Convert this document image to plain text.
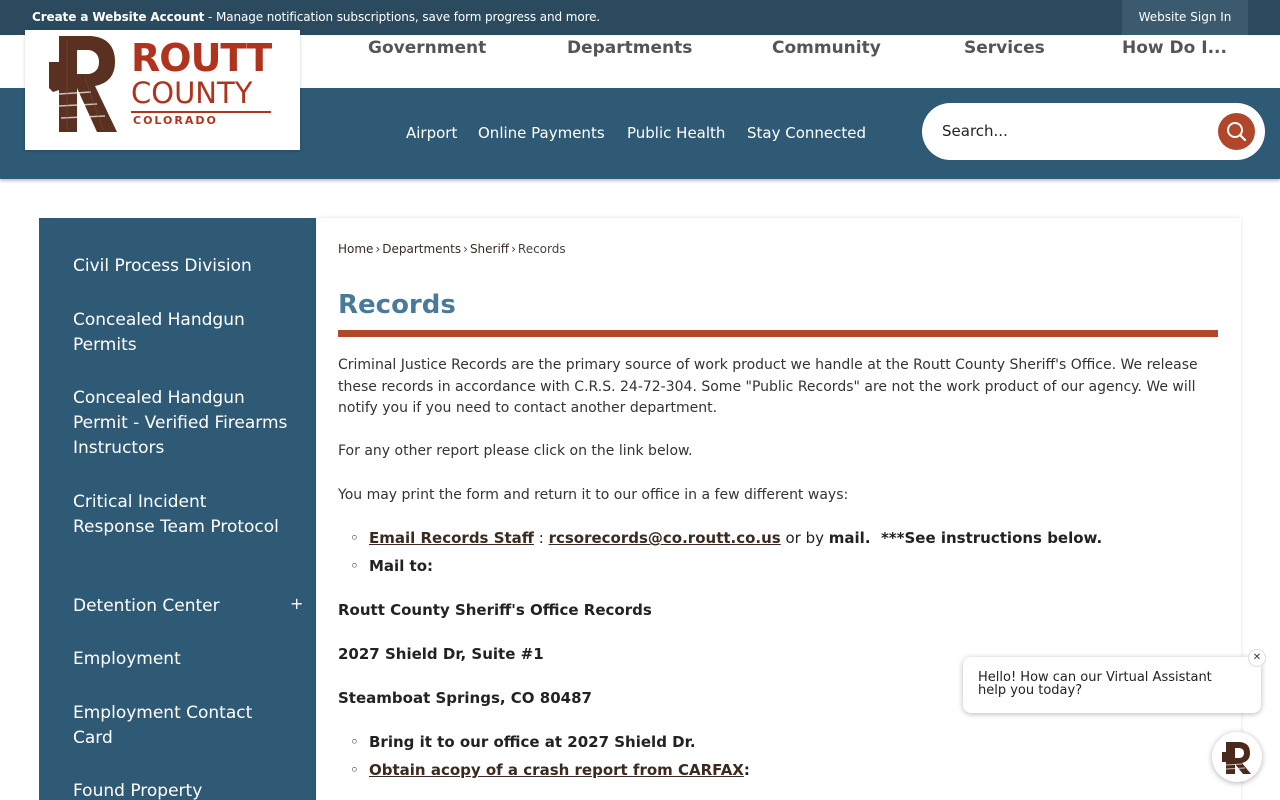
Create a Website Account - Manage notification subscriptions, save form progress and more.	Website Sign In
Government	Departments	Community	Services	How Do I...
Airport Online Payments Public Health Stay Connected
ROUTT
COUNTY
COLORADO
Search...
Civil Process Division
Concealed Handgun Permits
Concealed Handgun Permit - Verified Firearms Instructors
Critical Incident Response Team Protocol
Detention Center	+
Employment
Employment Contact Card
Found Property
Home › Departments › Sheriff › Records
Records

Criminal Justice Records are the primary source of work product we handle at the Routt County Sheriff's Office. We release these records in accordance with C.R.S. 24-72-304. Some "Public Records" are not the work product of our agency. We will notify you if you need to contact another department.

For any other report please click on the link below.

You may print the form and return it to our office in a few different ways:

◦ Email Records Staff : rcsorecords@co.routt.co.us or by mail.  ***See instructions below.
◦ Mail to:
Routt County Sheriff's Office Records
2027 Shield Dr, Suite #1
Steamboat Springs, CO 80487
◦ Bring it to our office at 2027 Shield Dr.
◦ Obtain acopy of a crash report from CARFAX:
Hello! How can our Virtual Assistant help you today?
✕
